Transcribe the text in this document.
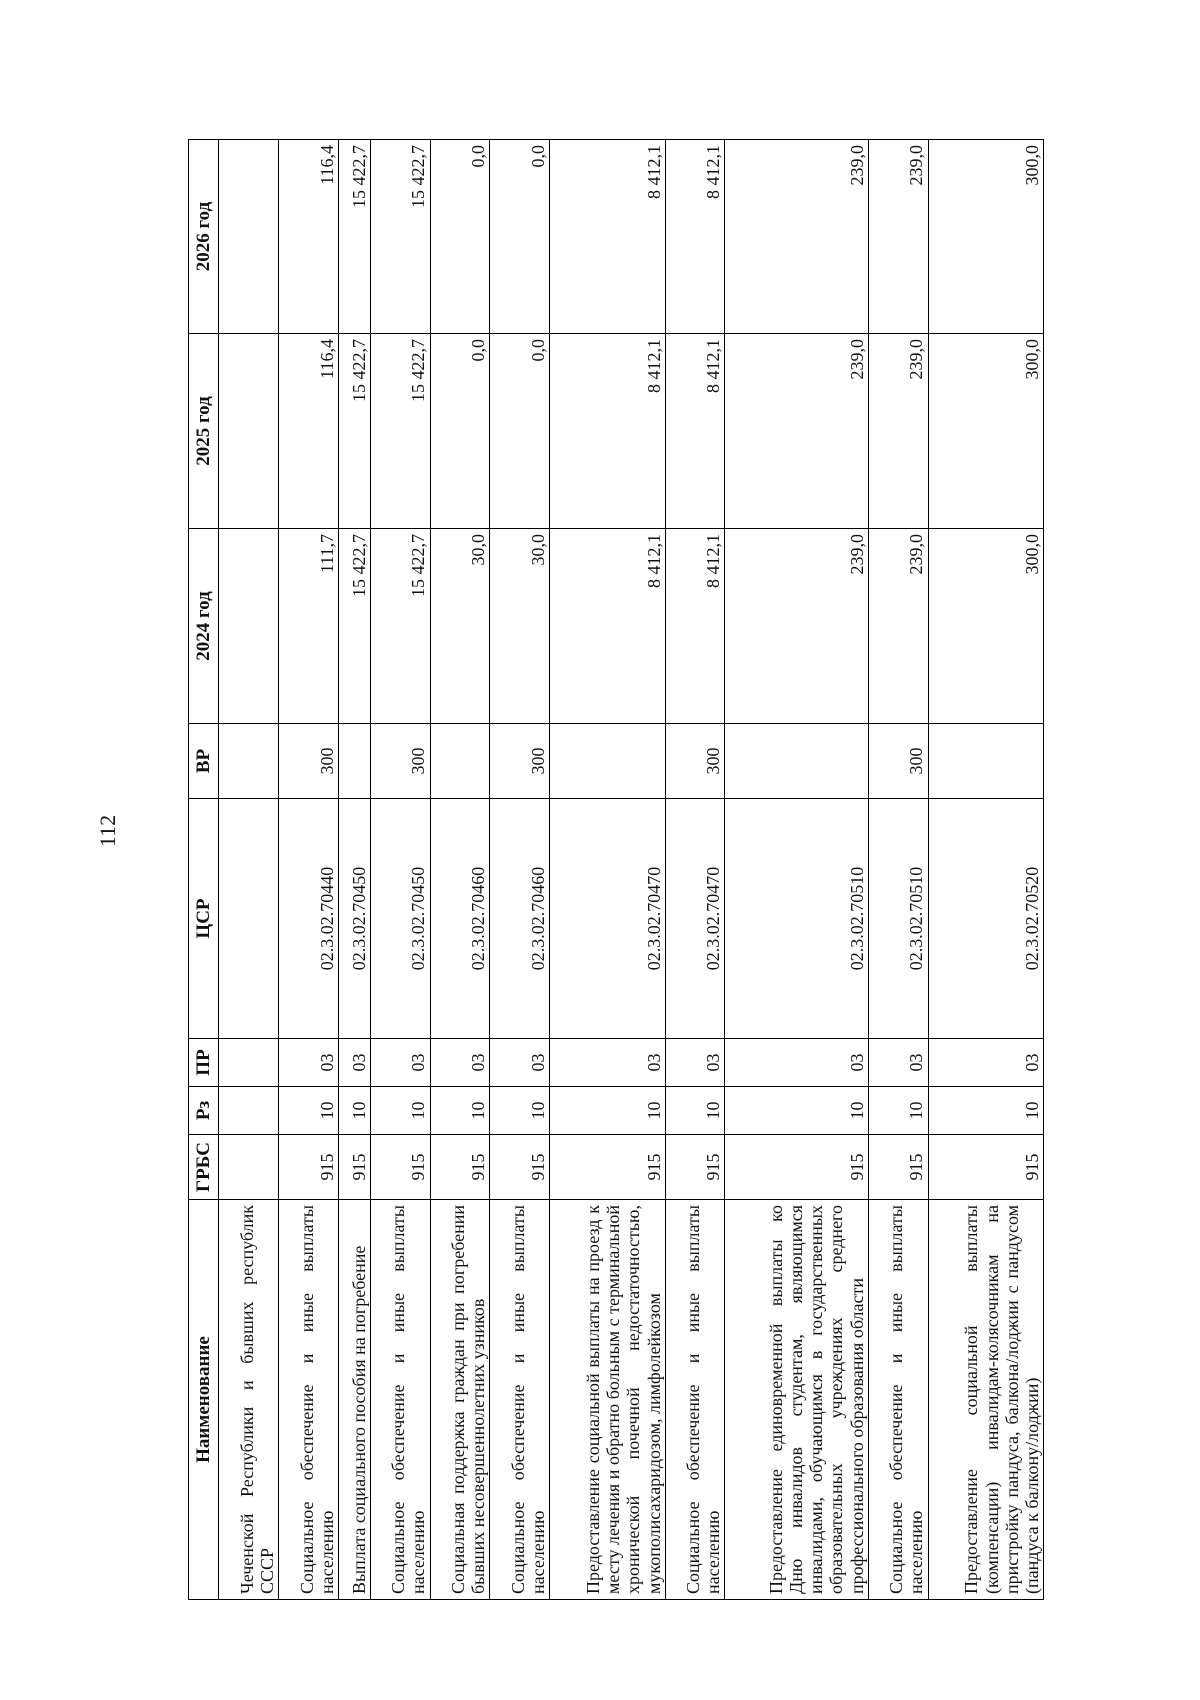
112
Наименование	ГРБС	Рз	ПР	ЦСР	ВР	2024 год	2025 год	2026 год
Чеченской Республики и бывших республик СССР								
Социальное обеспечение и иные выплаты населению	915	10	03	02.3.02.70440	300	111,7	116,4	116,4
Выплата социального пособия на погребение	915	10	03	02.3.02.70450		15 422,7	15 422,7	15 422,7
Социальное обеспечение и иные выплаты населению	915	10	03	02.3.02.70450	300	15 422,7	15 422,7	15 422,7
Социальная поддержка граждан при погребении бывших несовершеннолетних узников	915	10	03	02.3.02.70460		30,0	0,0	0,0
Социальное обеспечение и иные выплаты населению	915	10	03	02.3.02.70460	300	30,0	0,0	0,0
Предоставление социальной выплаты на проезд к месту лечения и обратно больным с терминальной хронической почечной недостаточностью, мукополисахаридозом, лимфолейкозом	915	10	03	02.3.02.70470		8 412,1	8 412,1	8 412,1
Социальное обеспечение и иные выплаты населению	915	10	03	02.3.02.70470	300	8 412,1	8 412,1	8 412,1
Предоставление единовременной выплаты ко Дню инвалидов студентам, являющимся инвалидами, обучающимся в государственных образовательных учреждениях среднего профессионального образования области	915	10	03	02.3.02.70510		239,0	239,0	239,0
Социальное обеспечение и иные выплаты населению	915	10	03	02.3.02.70510	300	239,0	239,0	239,0
Предоставление социальной выплаты (компенсации) инвалидам-колясочникам на пристройку пандуса, балкона/лоджии с пандусом (пандуса к балкону/лоджии)	915	10	03	02.3.02.70520		300,0	300,0	300,0
